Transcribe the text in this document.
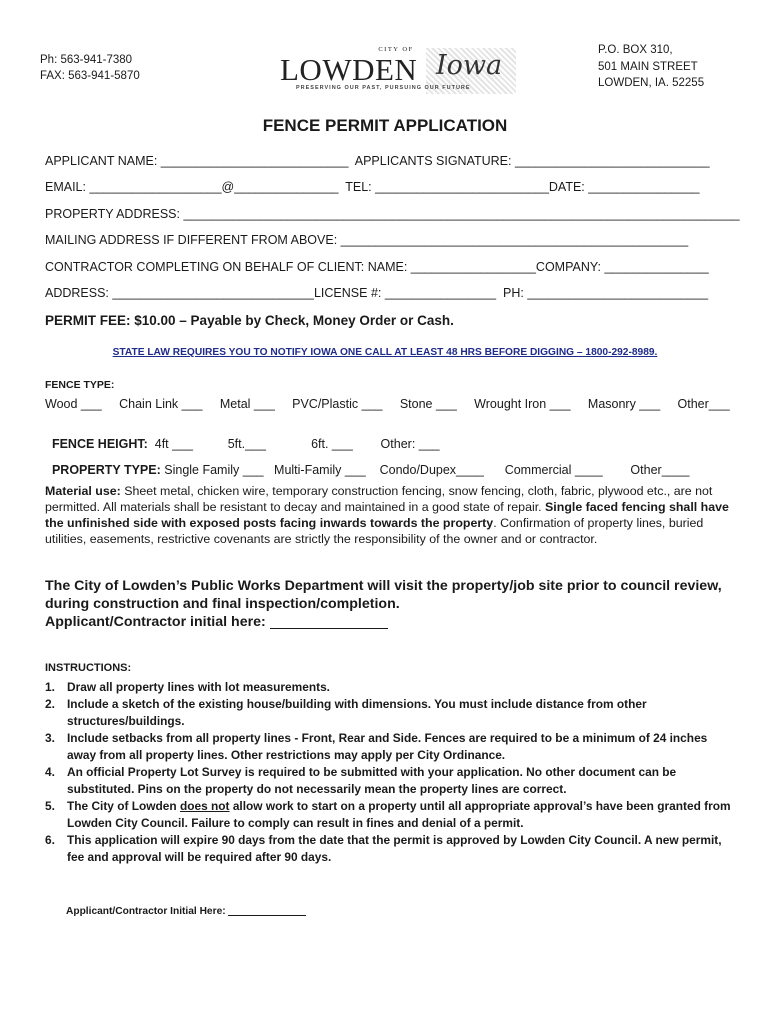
Ph: 563-941-7380
FAX: 563-941-5870
CITY OF
LOWDEN Iowa
PRESERVING OUR PAST, PURSUING OUR FUTURE
P.O. BOX 310,
501 MAIN STREET
LOWDEN, IA. 52255
FENCE PERMIT APPLICATION
APPLICANT NAME: ___________________________  APPLICANTS SIGNATURE: ____________________________
EMAIL: ___________________@_______________  TEL: _________________________DATE: ________________
PROPERTY ADDRESS: ________________________________________________________________________________
MAILING ADDRESS IF DIFFERENT FROM ABOVE: __________________________________________________
CONTRACTOR COMPLETING ON BEHALF OF CLIENT: NAME: __________________COMPANY: _______________
ADDRESS: _____________________________LICENSE #: ________________  PH: __________________________
PERMIT FEE: $10.00 – Payable by Check, Money Order or Cash.
STATE LAW REQUIRES YOU TO NOTIFY IOWA ONE CALL AT LEAST 48 HRS BEFORE DIGGING – 1800-292-8989.
FENCE TYPE:
Wood ___     Chain Link ___     Metal ___     PVC/Plastic ___     Stone ___     Wrought Iron ___     Masonry ___     Other___

FENCE HEIGHT:  4ft ___          5ft.___             6ft. ___        Other: ___

PROPERTY TYPE: Single Family ___   Multi-Family ___    Condo/Dupex____      Commercial ____        Other____

Material use: Sheet metal, chicken wire, temporary construction fencing, snow fencing, cloth, fabric, plywood etc., are not permitted. All materials shall be resistant to decay and maintained in a good state of repair. Single faced fencing shall have the unfinished side with exposed posts facing inwards towards the property. Confirmation of property lines, buried utilities, easements, restrictive covenants are strictly the responsibility of the owner and or contractor.
The City of Lowden’s Public Works Department will visit the property/job site prior to council review, during construction and final inspection/completion.
Applicant/Contractor initial here:
INSTRUCTIONS:
1. Draw all property lines with lot measurements.
2. Include a sketch of the existing house/building with dimensions. You must include distance from other structures/buildings.
3. Include setbacks from all property lines - Front, Rear and Side. Fences are required to be a minimum of 24 inches away from all property lines. Other restrictions may apply per City Ordinance.
4. An official Property Lot Survey is required to be submitted with your application. No other document can be substituted. Pins on the property do not necessarily mean the property lines are correct.
5. The City of Lowden does not allow work to start on a property until all appropriate approval’s have been granted from Lowden City Council. Failure to comply can result in fines and denial of a permit.
6. This application will expire 90 days from the date that the permit is approved by Lowden City Council. A new permit, fee and approval will be required after 90 days.
Applicant/Contractor Initial Here:
